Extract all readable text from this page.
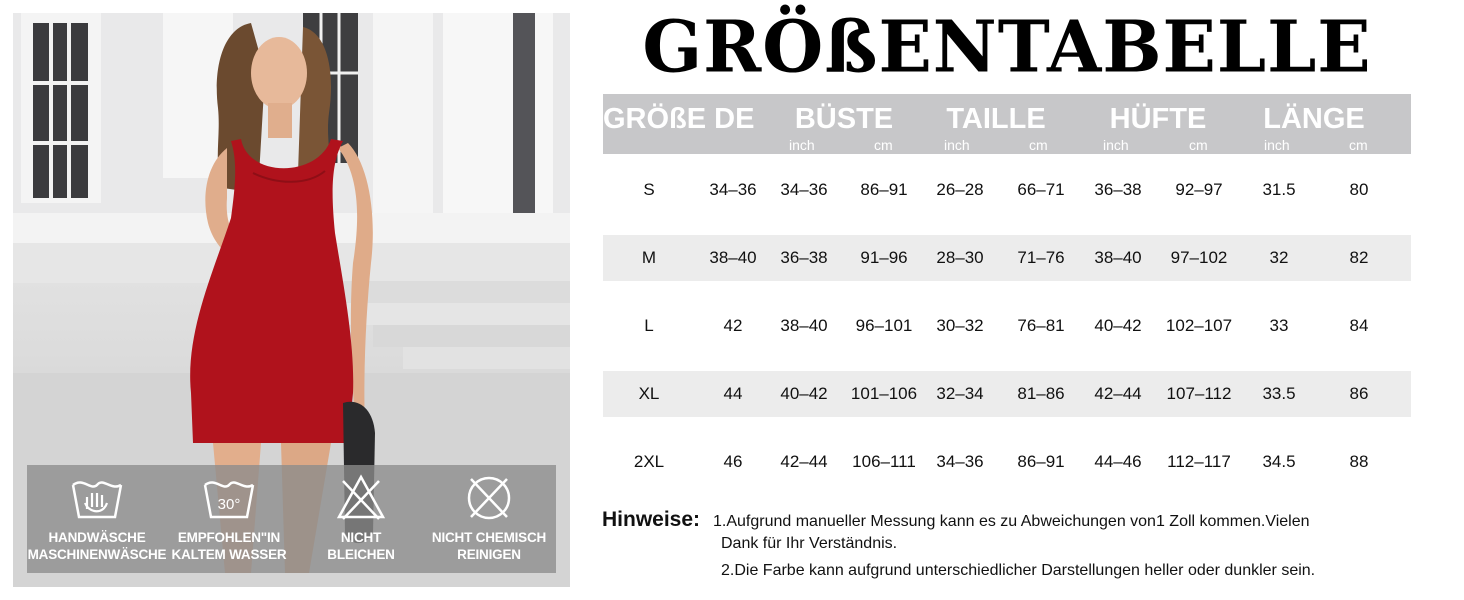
HANDWÄSCHE
MASCHINENWÄSCHE
30°
EMPFOHLEN"IN
KALTEM WASSER
NICHT
BLEICHEN
NICHT CHEMISCH
REINIGEN
GRÖßENTABELLE
GRÖßE DE BÜSTE
inch	cm
TAILLE
inch	cm
HÜFTE
inch	cm
LÄNGE
inch	cm
S	34–36	34–36	86–91	26–28	66–71	36–38	92–97	31.5	80
M	38–40	36–38	91–96	28–30	71–76	38–40	97–102	32	82
L	42	38–40	96–101	30–32	76–81	40–42	102–107	33	84
XL	44	40–42	101–106	32–34	81–86	42–44	107–112	33.5	86
2XL	46	42–44	106–111	34–36	86–91	44–46	112–117	34.5	88
Hinweise: 1.Aufgrund manueller Messung kann es zu Abweichungen von1 Zoll kommen.Vielen
Dank für Ihr Verständnis.
2.Die Farbe kann aufgrund unterschiedlicher Darstellungen heller oder dunkler sein.
